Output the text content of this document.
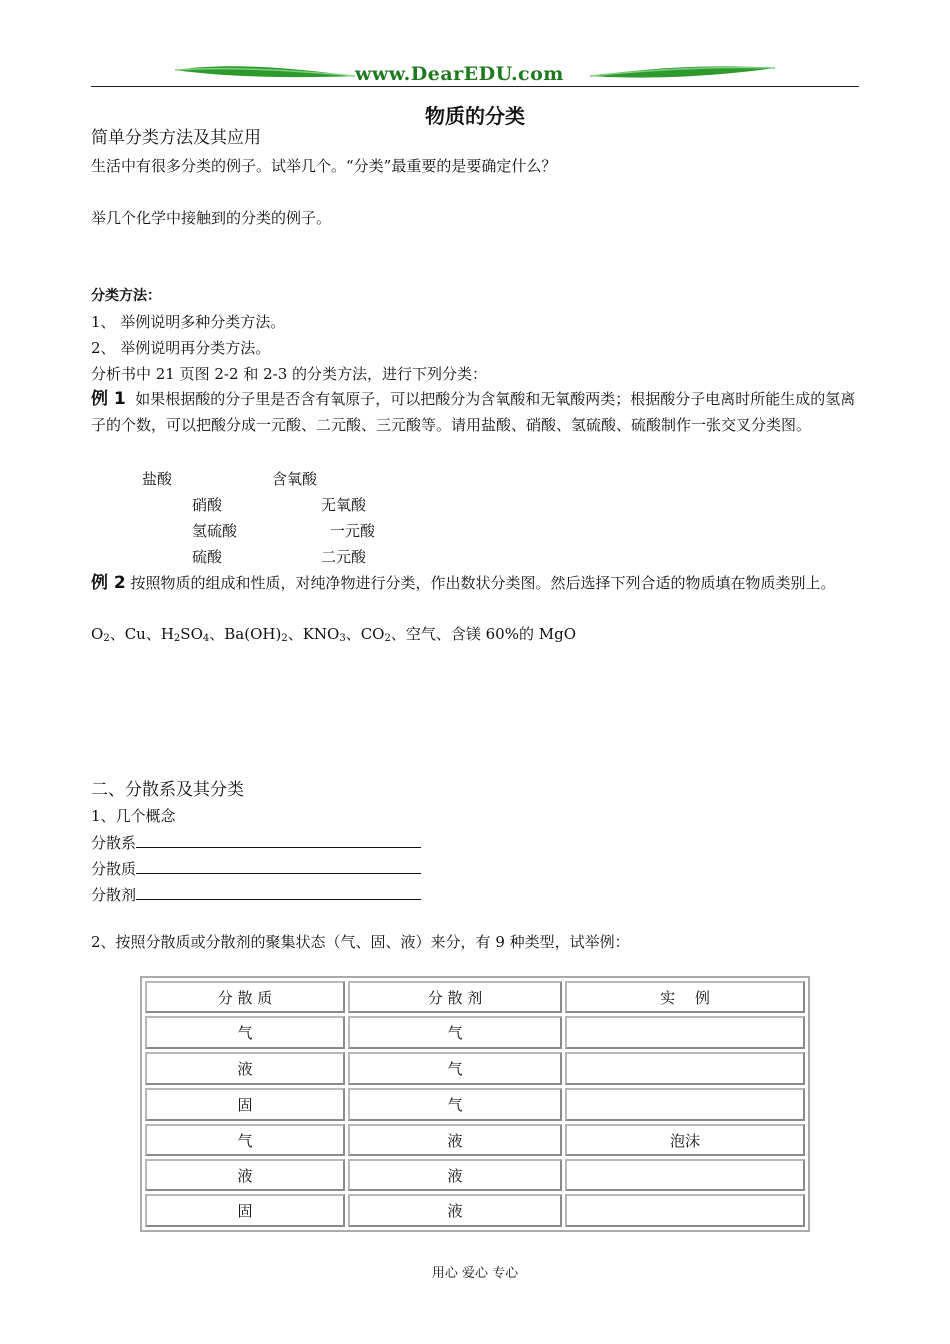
www.DearEDU.com
物质的分类
简单分类方法及其应用
生活中有很多分类的例子。试举几个。“分类”最重要的是要确定什么？
举几个化学中接触到的分类的例子。
分类方法：
1、 举例说明多种分类方法。
2、 举例说明再分类方法。
分析书中 21 页图 2-2 和 2-3 的分类方法，进行下列分类：
例 1 如果根据酸的分子里是否含有氧原子，可以把酸分为含氧酸和无氧酸两类；根据酸分子电离时所能生成的氢离子的个数，可以把酸分成一元酸、二元酸、三元酸等。请用盐酸、硝酸、氢硫酸、硫酸制作一张交叉分类图。
盐酸
硝酸
氢硫酸
硫酸
含氧酸
无氧酸
一元酸
二元酸
例 2 按照物质的组成和性质，对纯净物进行分类，作出数状分类图。然后选择下列合适的物质填在物质类别上。
$O_2$、Cu、$H_2SO_4$、$Ba(OH)_2$、$KNO_3$、$CO_2$、空气、含镁 60%的 MgO
二、分散系及其分类
1、几个概念
分散系
分散质
分散剂
2、按照分散质或分散剂的聚集状态（气、固、液）来分，有 9 种类型，试举例：
分 散 质	分 散 剂	实　 例
气	气	
液	气	
固	气	
气	液	泡沫
液	液	
固	液	
用心 爱心 专心
